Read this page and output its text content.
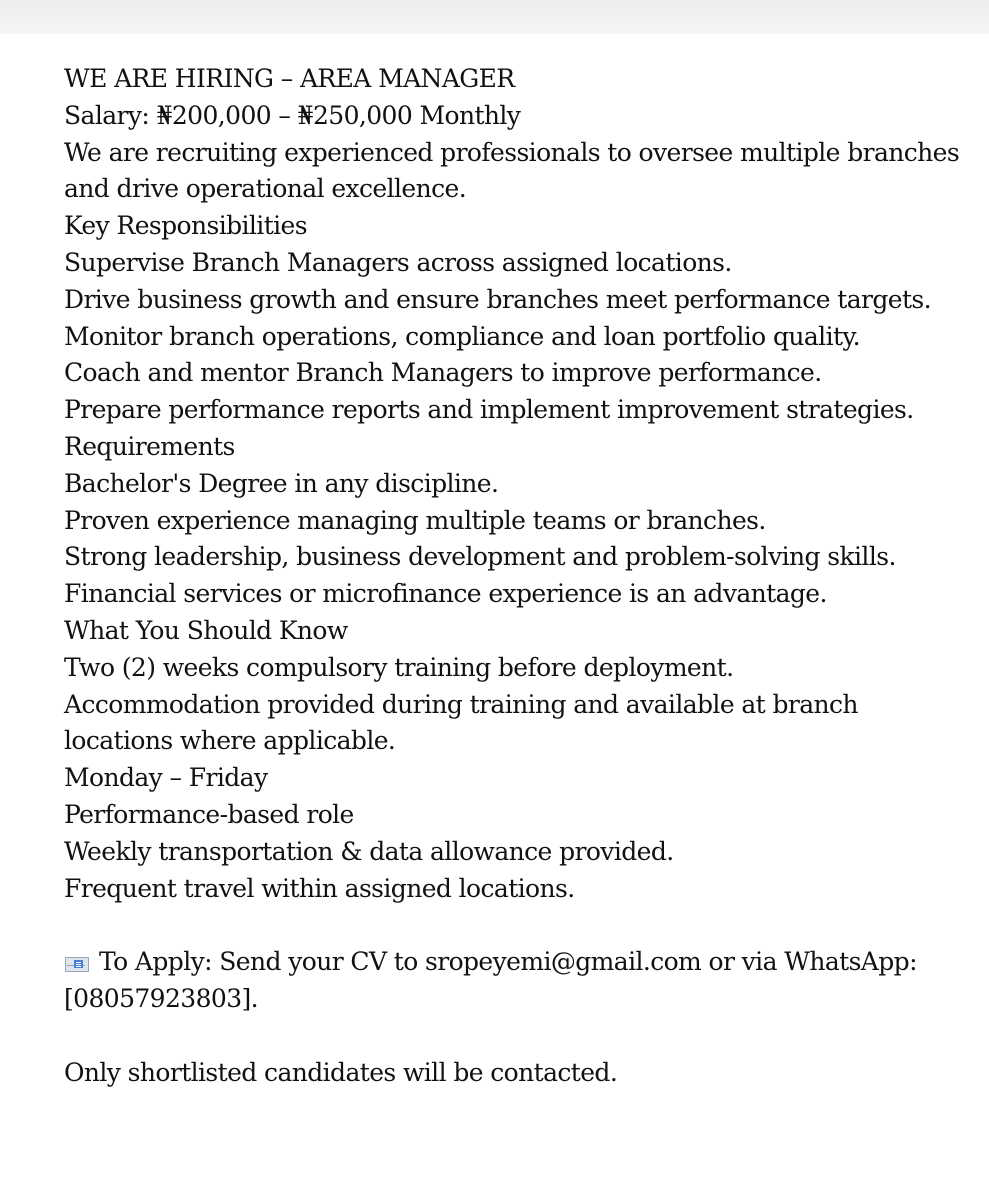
WE ARE HIRING – AREA MANAGER

Salary: ₦200,000 – ₦250,000 Monthly

We are recruiting experienced professionals to oversee multiple branches and drive operational excellence.

Key Responsibilities

Supervise Branch Managers across assigned locations.

Drive business growth and ensure branches meet performance targets.

Monitor branch operations, compliance and loan portfolio quality.

Coach and mentor Branch Managers to improve performance.

Prepare performance reports and implement improvement strategies.

Requirements

Bachelor's Degree in any discipline.

Proven experience managing multiple teams or branches.

Strong leadership, business development and problem-solving skills.

Financial services or microfinance experience is an advantage.

What You Should Know

Two (2) weeks compulsory training before deployment.

Accommodation provided during training and available at branch locations where applicable.

Monday – Friday

Performance-based role

Weekly transportation & data allowance provided.

Frequent travel within assigned locations.

To Apply: Send your CV to sropeyemi@gmail.com or via WhatsApp: [08057923803].

Only shortlisted candidates will be contacted.
